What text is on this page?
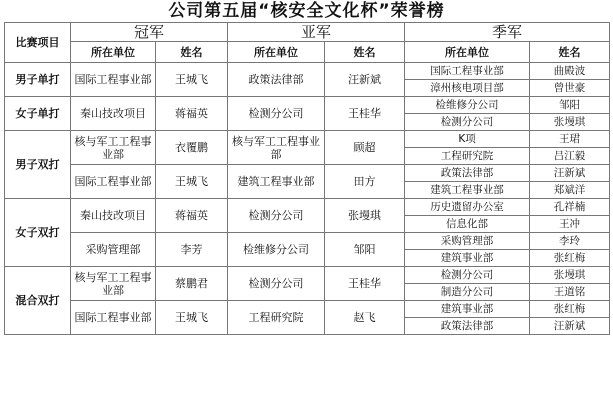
公司第五届“核安全文化杯”荣誉榜
比赛项目	冠军		亚军		季军	
	所在单位	姓名	所在单位	姓名	所在单位	姓名
男子单打	国际工程事业部	王城飞	政策法律部	汪新斌	国际工程事业部	曲殿波
					漳州核电项目部	曾世豪
女子单打	秦山技改项目	蒋福英	检测分公司	王桂华	检维修分公司	邹阳
					检测分公司	张墁琪
男子双打	核与军工工程事业部	衣覆鹏	核与军工工程事业部	顾超	K项	王珺
					工程研究院	吕江毅
	国际工程事业部	王城飞	建筑工程事业部	田方	政策法律部	汪新斌
					建筑工程事业部	郑斌洋
女子双打	秦山技改项目	蒋福英	检测分公司	张墁琪	历史遗留办公室	孔祥楠
					信息化部	王冲
	采购管理部	李芳	检维修分公司	邹阳	采购管理部	李玲
					建筑事业部	张红梅
混合双打	核与军工工程事业部	蔡鹏君	检测分公司	王桂华	检测分公司	张墁琪
					制造分公司	王道铭
	国际工程事业部	王城飞	工程研究院	赵飞	建筑事业部	张红梅
					政策法律部	汪新斌
